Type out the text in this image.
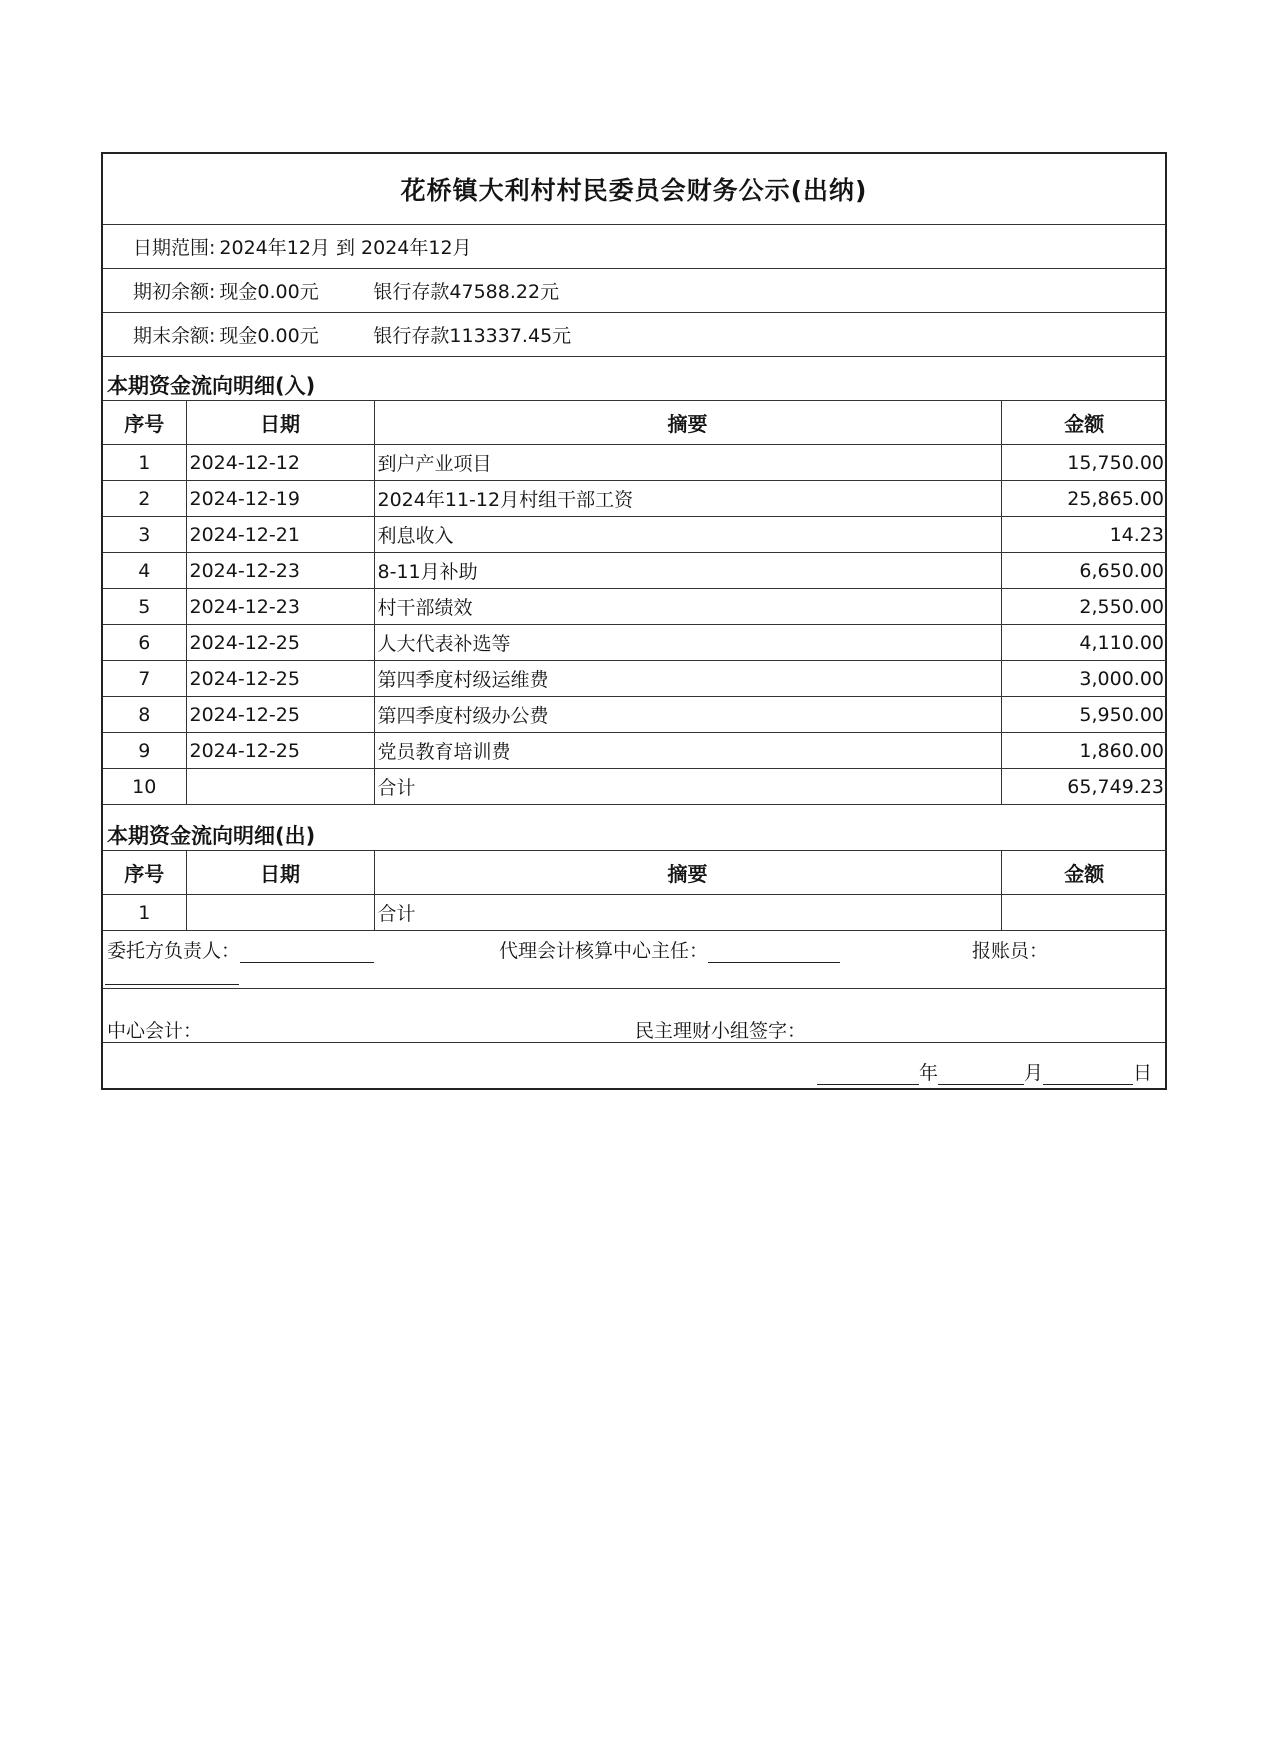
花桥镇大利村村民委员会财务公示(出纳)
日期范围: 2024年12月 到 2024年12月
期初余额: 现金0.00元	银行存款47588.22元
期末余额: 现金0.00元	银行存款113337.45元
本期资金流向明细(入)
序号	日期	摘要	金额
1	2024-12-12	到户产业项目	15,750.00
2	2024-12-19	2024年11-12月村组干部工资	25,865.00
3	2024-12-21	利息收入	14.23
4	2024-12-23	8-11月补助	6,650.00
5	2024-12-23	村干部绩效	2,550.00
6	2024-12-25	人大代表补选等	4,110.00
7	2024-12-25	第四季度村级运维费	3,000.00
8	2024-12-25	第四季度村级办公费	5,950.00
9	2024-12-25	党员教育培训费	1,860.00
10		合计	65,749.23
本期资金流向明细(出)
序号	日期	摘要	金额
1		合计	
委托方负责人：	代理会计核算中心主任：	报账员：
中心会计：	民主理财小组签字：
年	月	日
